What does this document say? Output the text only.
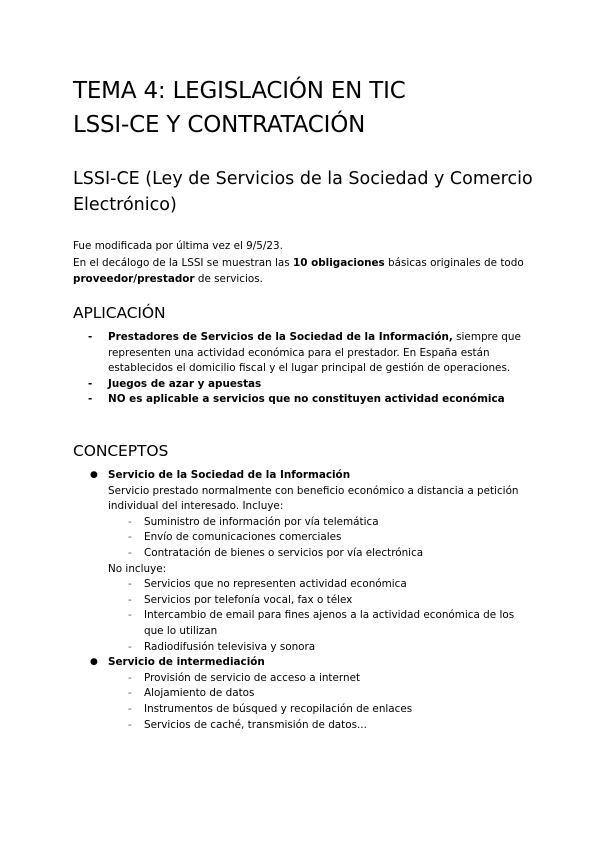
TEMA 4: LEGISLACIÓN EN TIC
LSSI-CE Y CONTRATACIÓN
LSSI-CE (Ley de Servicios de la Sociedad y Comercio Electrónico)

Fue modificada por última vez el 9/5/23.
En el decálogo de la LSSI se muestran las 10 obligaciones básicas originales de todo proveedor/prestador de servicios.

APLICACIÓN
- Prestadores de Servicios de la Sociedad de la Información, siempre que representen una actividad económica para el prestador. En España están establecidos el domicilio fiscal y el lugar principal de gestión de operaciones.
- Juegos de azar y apuestas
- NO es aplicable a servicios que no constituyen actividad económica
CONCEPTOS
● Servicio de la Sociedad de la Información
Servicio prestado normalmente con beneficio económico a distancia a petición individual del interesado. Incluye:
- Suministro de información por vía telemática
- Envío de comunicaciones comerciales
- Contratación de bienes o servicios por vía electrónica
No incluye:
- Servicios que no representen actividad económica
- Servicios por telefonía vocal, fax o télex
- Intercambio de email para fines ajenos a la actividad económica de los que lo utilizan
- Radiodifusión televisiva y sonora
● Servicio de intermediación
- Provisión de servicio de acceso a internet
- Alojamiento de datos
- Instrumentos de búsqued y recopilación de enlaces
- Servicios de caché, transmisión de datos...
